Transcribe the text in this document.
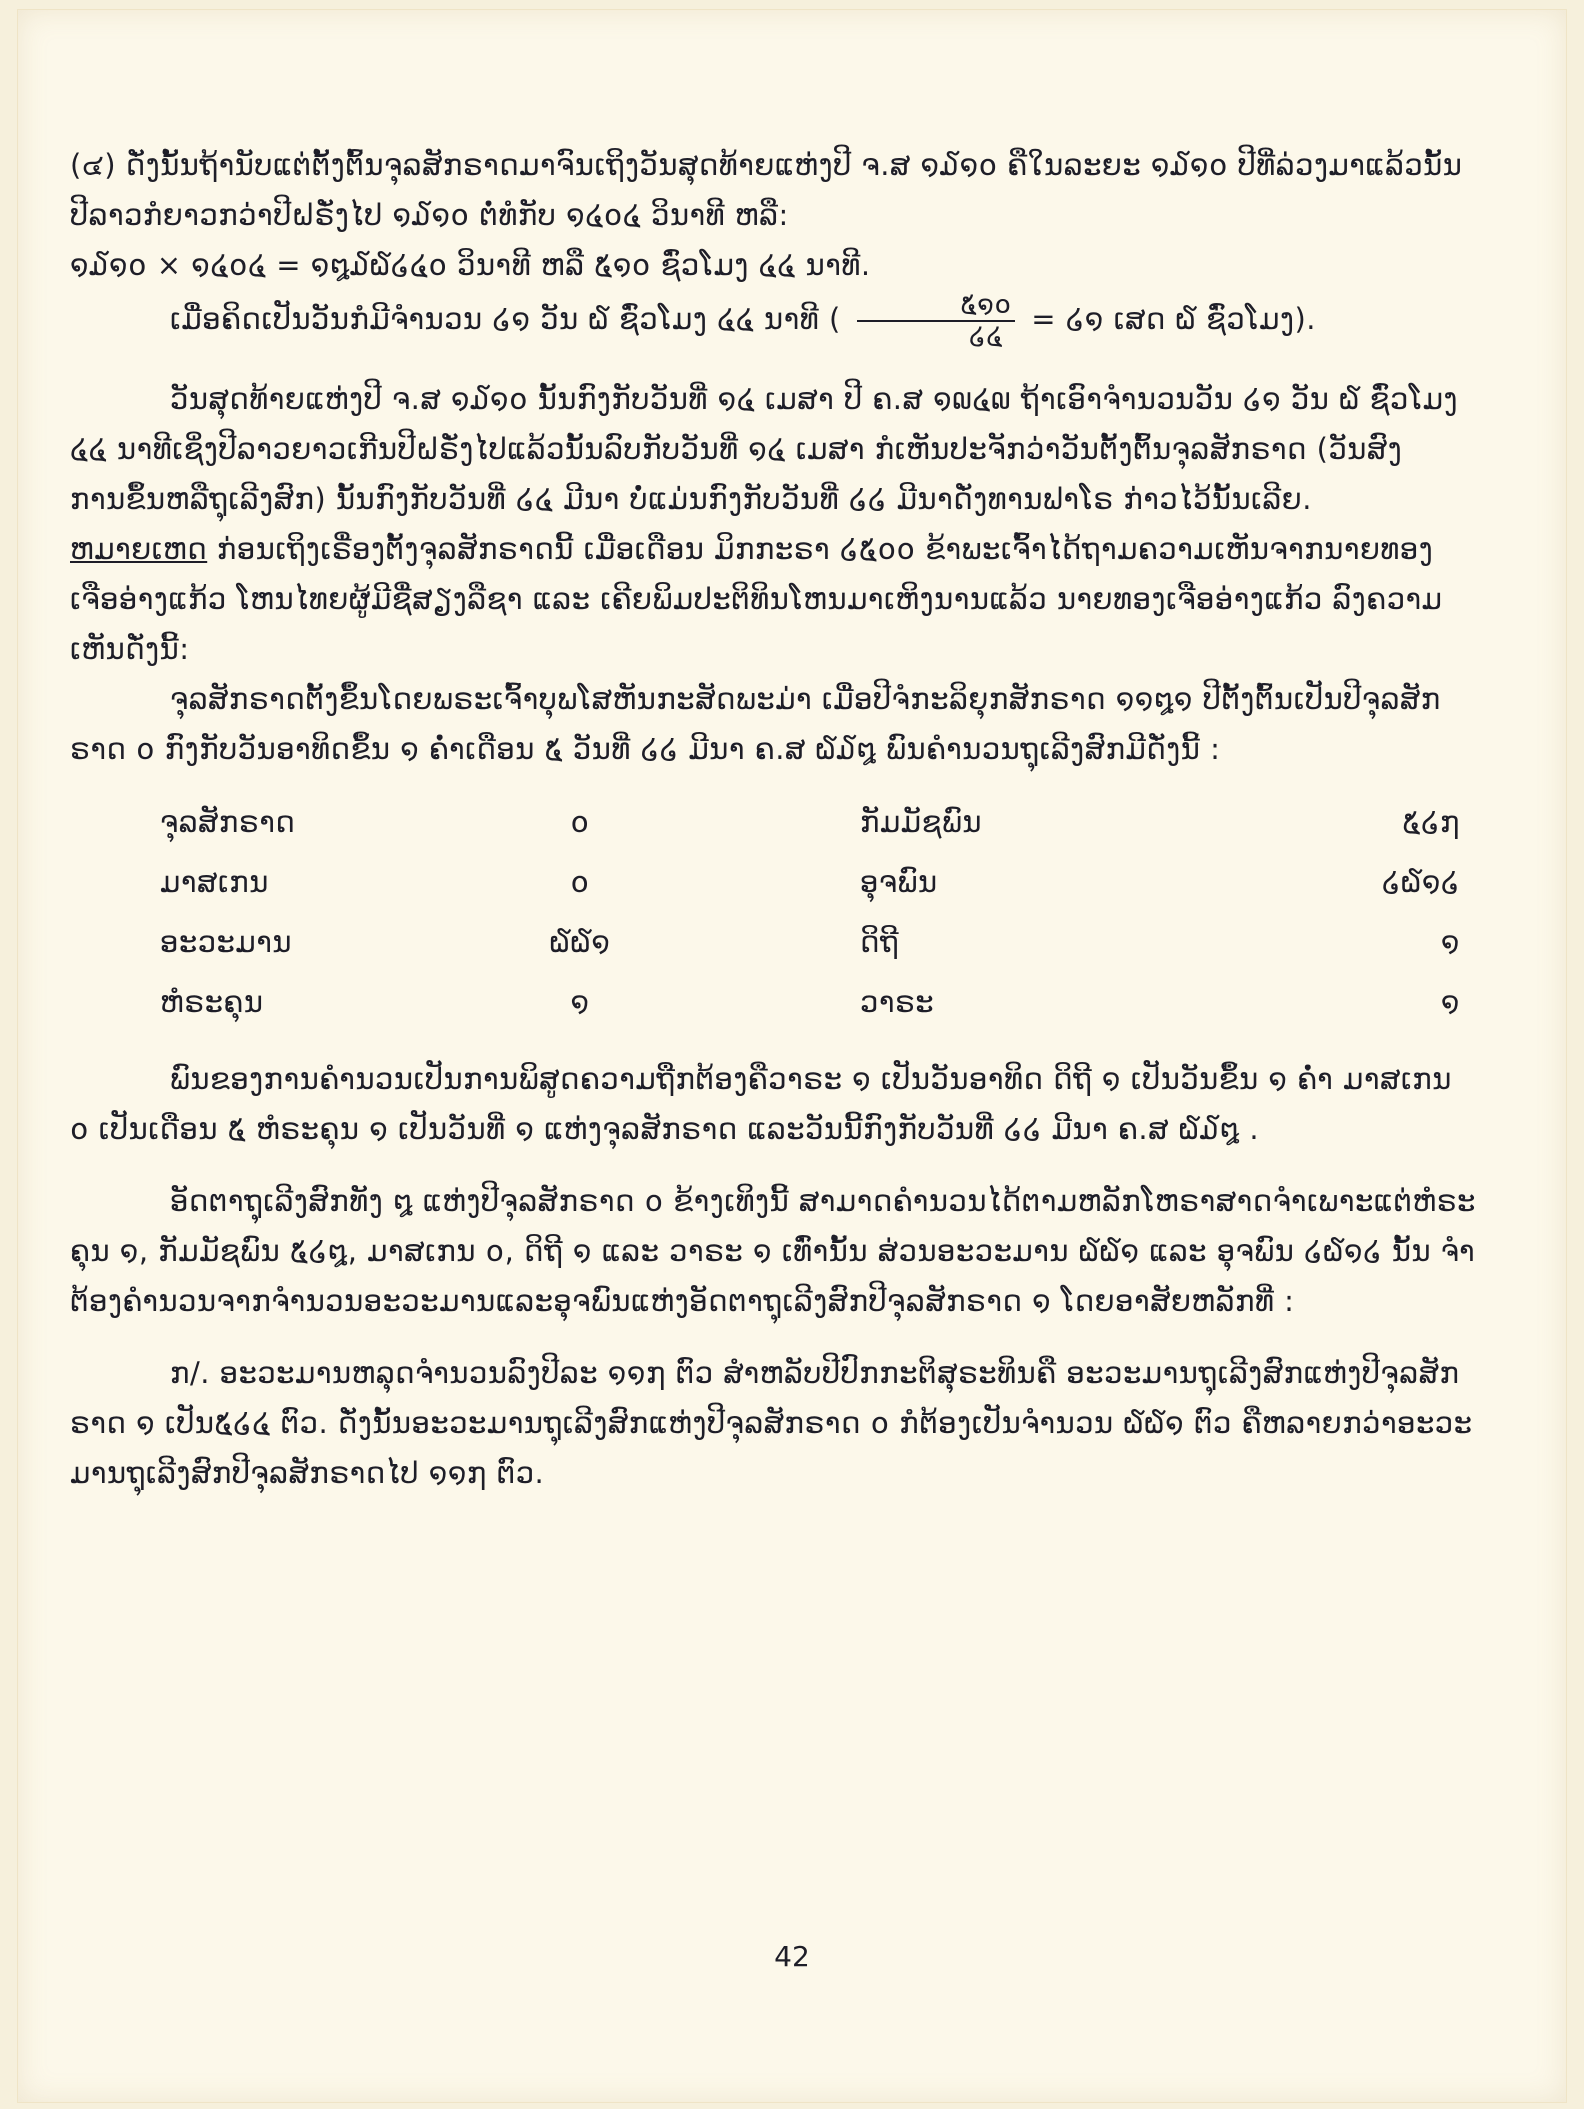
(๔) ດັ່ງນັ້ນຖ້ານັບແຕ່ຕັ້ງຕົ້ນຈຸລສັກຣາດມາຈົນເຖິງວັນສຸດທ້າຍແຫ່ງປີ ຈ.ສ ໑໓໑໐ ຄືໃນລະຍະ ໑໓໑໐ ປີທີ່ລ່ວງມາແລ້ວນັ້ນ ປີລາວກໍຍາວກວ່າປີຝຣັ່ງໄປ ໑໓໑໐ ຕໍ່ທໍກັບ ໑໔໐໔ ວິນາທີ ຫລື:

໑໓໑໐ × ໑໔໐໔ = ໑໘໓໖໒໔໐ ວິນາທີ ຫລື ໕໑໐ ຊົ່ວໂມງ ໔໔ ນາທີ.

ເມື່ອຄິດເປັນວັນກໍມີຈຳນວນ ໒໑ ວັນ ໖ ຊົ່ວໂມງ ໔໔ ນາທີ ( $\frac{໕໑໐}{໒໔}$ = ໒໑ ເສດ ໖ ຊົ່ວໂມງ).

ວັນສຸດທ້າຍແຫ່ງປີ ຈ.ສ ໑໓໑໐ ນັ້ນກົງກັບວັນທີ່ ໑໔ ເມສາ ປີ ຄ.ສ ໑໙໔໙ ຖ້າເອົາຈຳນວນວັນ ໒໑ ວັນ ໖ ຊົ່ວໂມງ ໔໔ ນາທີເຊິ່ງປີລາວຍາວເກີນປີຝຣັ່ງໄປແລ້ວນັ້ນລົບກັບວັນທີ່ ໑໔ ເມສາ ກໍເຫັນປະຈັກວ່າວັນຕັ້ງຕົ້ນຈຸລສັກຣາດ (ວັນສົງການຂຶ້ນຫລືຖຸເລີງສົກ) ນັ້ນກົງກັບວັນທີ່ ໒໔ ມີນາ ບໍ່ແມ່ນກົງກັບວັນທີ່ ໒໒ ມີນາດັ່ງທານຟາໂຣ ກ່າວໄວ້ນັ້ນເລີຍ.

ຫມາຍເຫດ ກ່ອນເຖິງເຣື່ອງຕັ້ງຈຸລສັກຣາດນີ້ ເມື່ອເດືອນ ມິກກະຣາ ໒໕໐໐ ຂ້າພະເຈົ້າໄດ້ຖາມຄວາມເຫັນຈາກນາຍທອງເຈືອອ່າງແກ້ວ ໂຫນໄທຍຜູ້ມີຊື່ສຽງລືຊາ ແລະ ເຄີຍພິມປະຕິທິນໂຫນມາເຫິງນານແລ້ວ ນາຍທອງເຈືອອ່າງແກ້ວ ລົງຄວາມເຫັນດັ່ງນີ້:

ຈຸລສັກຣາດຕັ້ງຂຶ້ນໂດຍພຣະເຈົ້າບຸພໂສຫັນກະສັດພະມ່າ ເມື່ອປີຈໍກະລິຍຸກສັກຣາດ ໑໑໘໑ ປີຕັ້ງຕົ້ນເປັນປີຈຸລສັກຣາດ ໐ ກົງກັບວັນອາທິດຂຶ້ນ ໑ ຄ່ຳເດືອນ ໕ ວັນທີ່ ໒໒ ມີນາ ຄ.ສ ໖໓໘ ພົນຄຳນວນຖຸເລີງສົກມີດັ່ງນີ້ :

ຈຸລສັກຣາດ	໐	ກັມມັຊພົນ	໕໒໗
ມາສເກນ	໐	ອຸຈພົນ	໒໖໑໒
ອະວະມານ	໖໖໑	ດິຖີ	໑
ຫໍຣະຄຸນ	໑	ວາຣະ	໑

ພົນຂອງການຄຳນວນເປັນການພິສູດຄວາມຖືກຕ້ອງຄືວາຣະ ໑ ເປັນວັນອາທິດ ດິຖີ ໑ ເປັນວັນຂຶ້ນ ໑ ຄ່ຳ ມາສເກນ ໐ ເປັນເດືອນ ໕ ຫໍຣະຄຸນ ໑ ເປັນວັນທີ່ ໑ ແຫ່ງຈຸລສັກຣາດ ແລະວັນນີ້ກົງກັບວັນທີ່ ໒໒ ມີນາ ຄ.ສ ໖໓໘ .

ອັດຕາຖຸເລີງສົກທັງ ໘ ແຫ່ງປີຈຸລສັກຣາດ ໐ ຂ້າງເທິງນີ້ ສາມາດຄຳນວນໄດ້ຕາມຫລັກໂຫຣາສາດຈຳເພາະແຕ່ຫໍຣະຄຸນ ໑, ກັມມັຊພົນ ໕໒໘, ມາສເກນ ໐, ດິຖີ ໑ ແລະ ວາຣະ ໑ ເທົ່ານັ້ນ ສ່ວນອະວະມານ ໖໖໑ ແລະ ອຸຈພົນ ໒໖໑໒ ນັ້ນ ຈຳຕ້ອງຄຳນວນຈາກຈຳນວນອະວະມານແລະອຸຈພົນແຫ່ງອັດຕາຖຸເລີງສົກປີຈຸລສັກຣາດ ໑ ໂດຍອາສັຍຫລັກທີ່ :

ກ/. ອະວະມານຫລຸດຈຳນວນລົງປີລະ ໑໑໗ ຕົວ ສຳຫລັບປີປົກກະຕິສຸຣະທິນຄື ອະວະມານຖຸເລີງສົກແຫ່ງປີຈຸລສັກຣາດ ໑ ເປັນ໕໒໔ ຕົວ. ດັ່ງນັ້ນອະວະມານຖຸເລີງສົກແຫ່ງປີຈຸລສັກຣາດ ໐ ກໍຕ້ອງເປັນຈຳນວນ ໖໖໑ ຕົວ ຄືຫລາຍກວ່າອະວະມານຖຸເລີງສົກປີຈຸລສັກຣາດໄປ ໑໑໗ ຕົວ.

42
